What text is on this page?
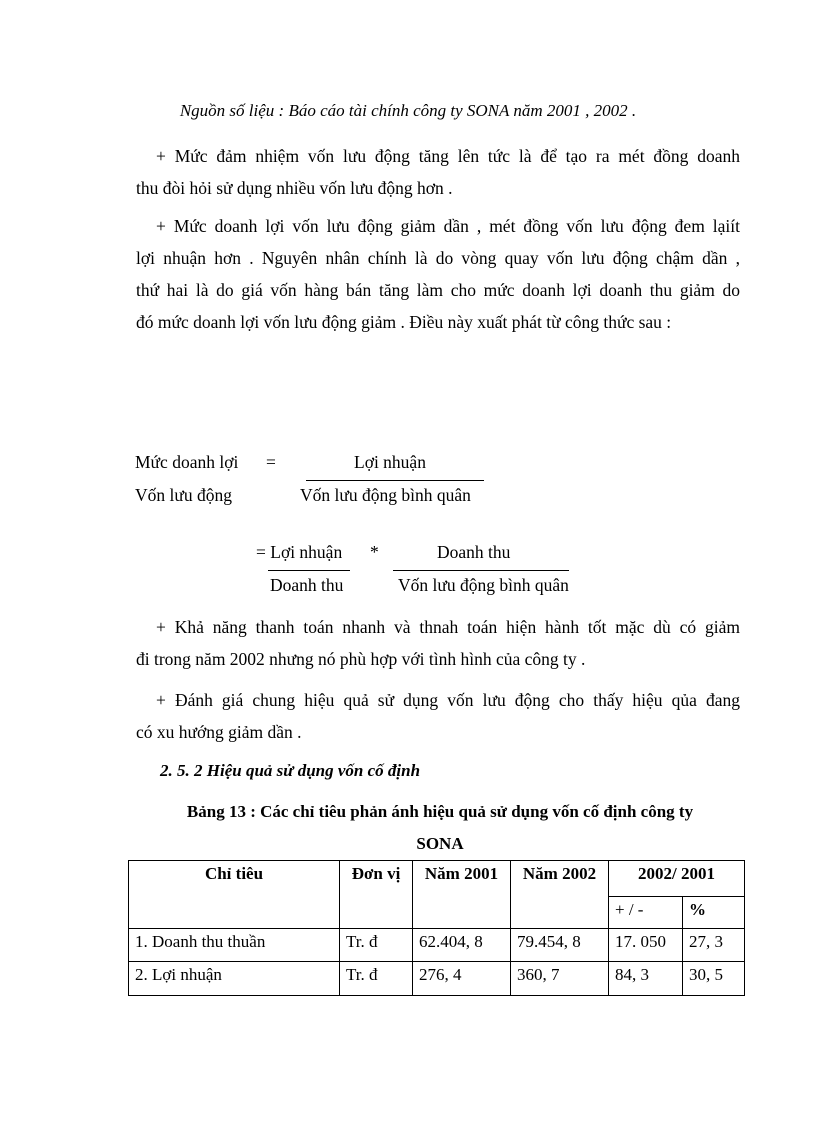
Nguồn số liệu : Báo cáo tài chính công ty SONA năm 2001 , 2002 .
+ Mức đảm nhiệm vốn lưu động tăng lên tức là để tạo ra mét đồng doanh
thu đòi hỏi sử dụng nhiều vốn lưu động hơn .
+ Mức doanh lợi vốn lưu động giảm dần , mét đồng vốn lưu động đem lạiít
lợi nhuận hơn . Nguyên nhân chính là do vòng quay vốn lưu động chậm dần ,
thứ hai là do giá vốn hàng bán tăng làm cho mức doanh lợi doanh thu giảm do
đó mức doanh lợi vốn lưu động giảm . Điều này xuất phát từ công thức sau :
Mức doanh lợi
Vốn lưu động
=	Lợi nhuận
Vốn lưu động bình quân
= Lợi nhuận
Doanh thu
*	Doanh thu
Vốn lưu động bình quân
+ Khả năng thanh toán nhanh và thnah toán hiện hành tốt mặc dù có giảm
đi trong năm 2002 nhưng nó phù hợp với tình hình của công ty .
+ Đánh giá chung hiệu quả sử dụng vốn lưu động cho thấy hiệu qủa đang
có xu hướng giảm dần .
2. 5. 2 Hiệu quả sử dụng vốn cố định
Bảng 13 : Các chỉ tiêu phản ánh hiệu quả sử dụng vốn cố định công ty
SONA
Chỉ tiêu	Đơn vị	Năm 2001	Năm 2002	2002/ 2001	
				+ / -	%
1. Doanh thu thuần	Tr. đ	62.404, 8	79.454, 8	17. 050	27, 3
2. Lợi nhuận	Tr. đ	276, 4	360, 7	84, 3	30, 5
